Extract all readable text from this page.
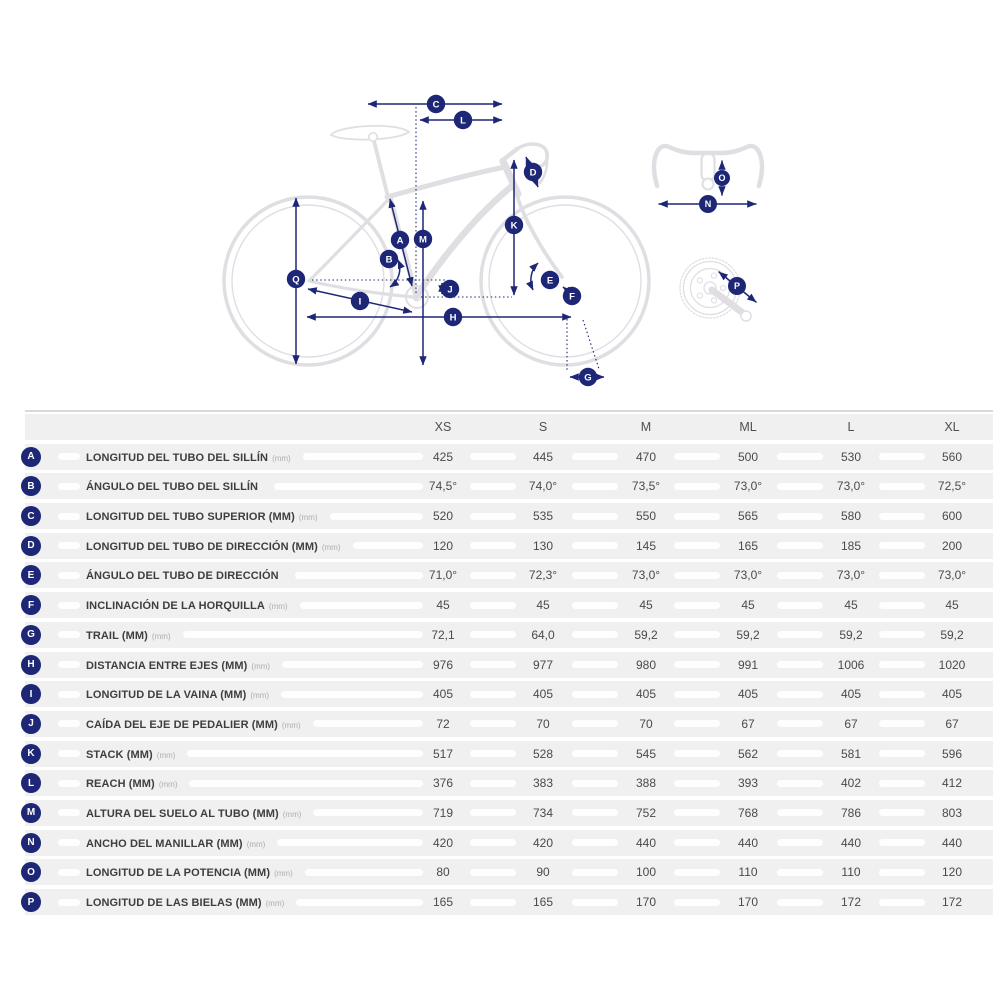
C
L
D
A M
B
K
Q	E
F
J
I
H
G
O
N
P
XS	S	M	ML	L	XL
A	LONGITUD DEL TUBO DEL SILLÍN (mm)	425	445	470	500	530	560
B	ÁNGULO DEL TUBO DEL SILLÍN	74,5°	74,0°	73,5°	73,0°	73,0°	72,5°
C	LONGITUD DEL TUBO SUPERIOR (MM) (mm)	520	535	550	565	580	600
D	LONGITUD DEL TUBO DE DIRECCIÓN (MM) (mm)	120	130	145	165	185	200
E	ÁNGULO DEL TUBO DE DIRECCIÓN	71,0°	72,3°	73,0°	73,0°	73,0°	73,0°
F	INCLINACIÓN DE LA HORQUILLA (mm)	45	45	45	45	45	45
G	TRAIL (MM) (mm)	72,1	64,0	59,2	59,2	59,2	59,2
H	DISTANCIA ENTRE EJES (MM) (mm)	976	977	980	991	1006	1020
I	LONGITUD DE LA VAINA (MM) (mm)	405	405	405	405	405	405
J	CAÍDA DEL EJE DE PEDALIER (MM) (mm)	72	70	70	67	67	67
K	STACK (MM) (mm)	517	528	545	562	581	596
L	REACH (MM) (mm)	376	383	388	393	402	412
M	ALTURA DEL SUELO AL TUBO (MM) (mm)	719	734	752	768	786	803
N	ANCHO DEL MANILLAR (MM) (mm)	420	420	440	440	440	440
O	LONGITUD DE LA POTENCIA (MM) (mm)	80	90	100	110	110	120
P	LONGITUD DE LAS BIELAS (MM) (mm)	165	165	170	170	172	172
